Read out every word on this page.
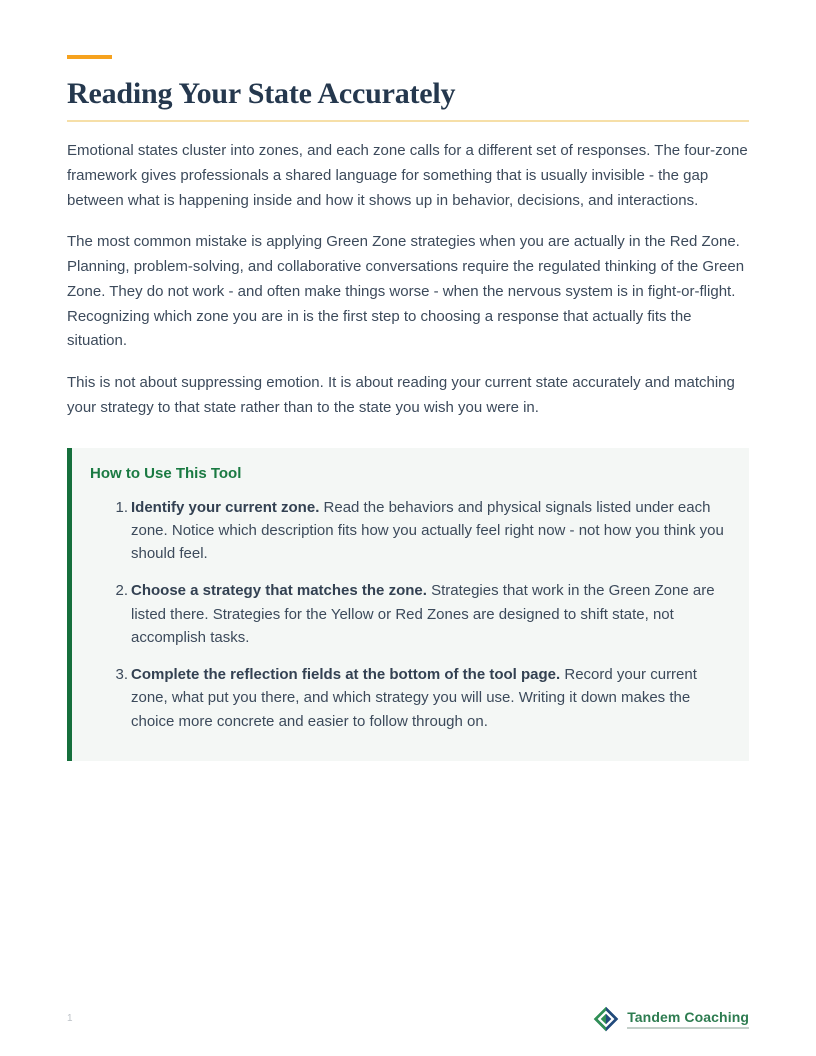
Reading Your State Accurately

Emotional states cluster into zones, and each zone calls for a different set of responses. The four-zone framework gives professionals a shared language for something that is usually invisible - the gap between what is happening inside and how it shows up in behavior, decisions, and interactions.

The most common mistake is applying Green Zone strategies when you are actually in the Red Zone. Planning, problem-solving, and collaborative conversations require the regulated thinking of the Green Zone. They do not work - and often make things worse - when the nervous system is in fight-or-flight. Recognizing which zone you are in is the first step to choosing a response that actually fits the situation.

This is not about suppressing emotion. It is about reading your current state accurately and matching your strategy to that state rather than to the state you wish you were in.

How to Use This Tool
1. Identify your current zone. Read the behaviors and physical signals listed under each zone. Notice which description fits how you actually feel right now - not how you think you should feel.
2. Choose a strategy that matches the zone. Strategies that work in the Green Zone are listed there. Strategies for the Yellow or Red Zones are designed to shift state, not accomplish tasks.
3. Complete the reflection fields at the bottom of the tool page. Record your current zone, what put you there, and which strategy you will use. Writing it down makes the choice more concrete and easier to follow through on.
1	Tandem Coaching
